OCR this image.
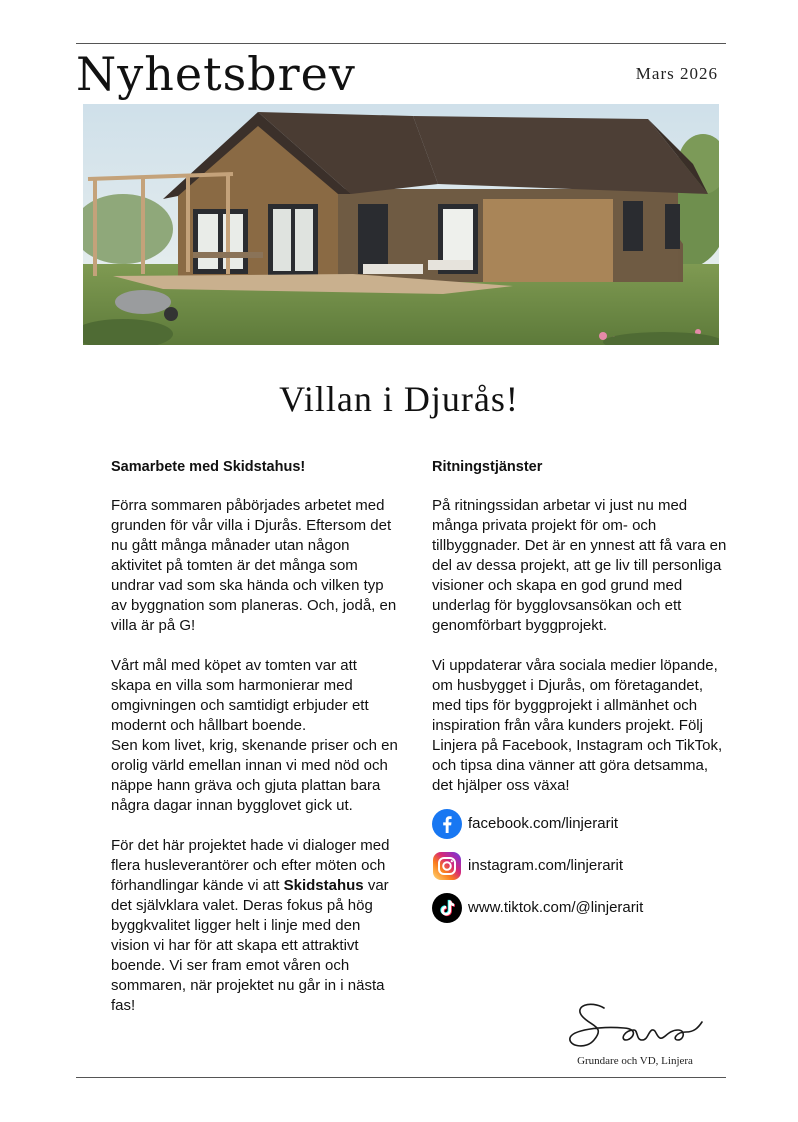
Nyhetsbrev	Mars 2026
Villan i Djurås!
Samarbete med Skidstahus!

Förra sommaren påbörjades arbetet med grunden för vår villa i Djurås. Eftersom det nu gått många månader utan någon aktivitet på tomten är det många som undrar vad som ska hända och vilken typ av byggnation som planeras. Och, jodå, en villa är på G!

Vårt mål med köpet av tomten var att skapa en villa som harmonierar med omgivningen och samtidigt erbjuder ett modernt och hållbart boende.
Sen kom livet, krig, skenande priser och en orolig värld emellan innan vi med nöd och näppe hann gräva och gjuta plattan bara några dagar innan bygglovet gick ut.

För det här projektet hade vi dialoger med flera husleverantörer och efter möten och förhandlingar kände vi att Skidstahus var det självklara valet. Deras fokus på hög byggkvalitet ligger helt i linje med den vision vi har för att skapa ett attraktivt boende. Vi ser fram emot våren och sommaren, när projektet nu går in i nästa fas!

Ritningstjänster

På ritningssidan arbetar vi just nu med många privata projekt för om- och tillbyggnader. Det är en ynnest att få vara en del av dessa projekt, att ge liv till personliga visioner och skapa en god grund med underlag för bygglovsansökan och ett genomförbart byggprojekt.

Vi uppdaterar våra sociala medier löpande, om husbygget i Djurås, om företagandet, med tips för byggprojekt i allmänhet och inspiration från våra kunders projekt. Följ Linjera på Facebook, Instagram och TikTok, och tipsa dina vänner att göra detsamma, det hjälper oss växa!

facebook.com/linjerarit
instagram.com/linjerarit
www.tiktok.com/@linjerarit
Grundare och VD, Linjera
